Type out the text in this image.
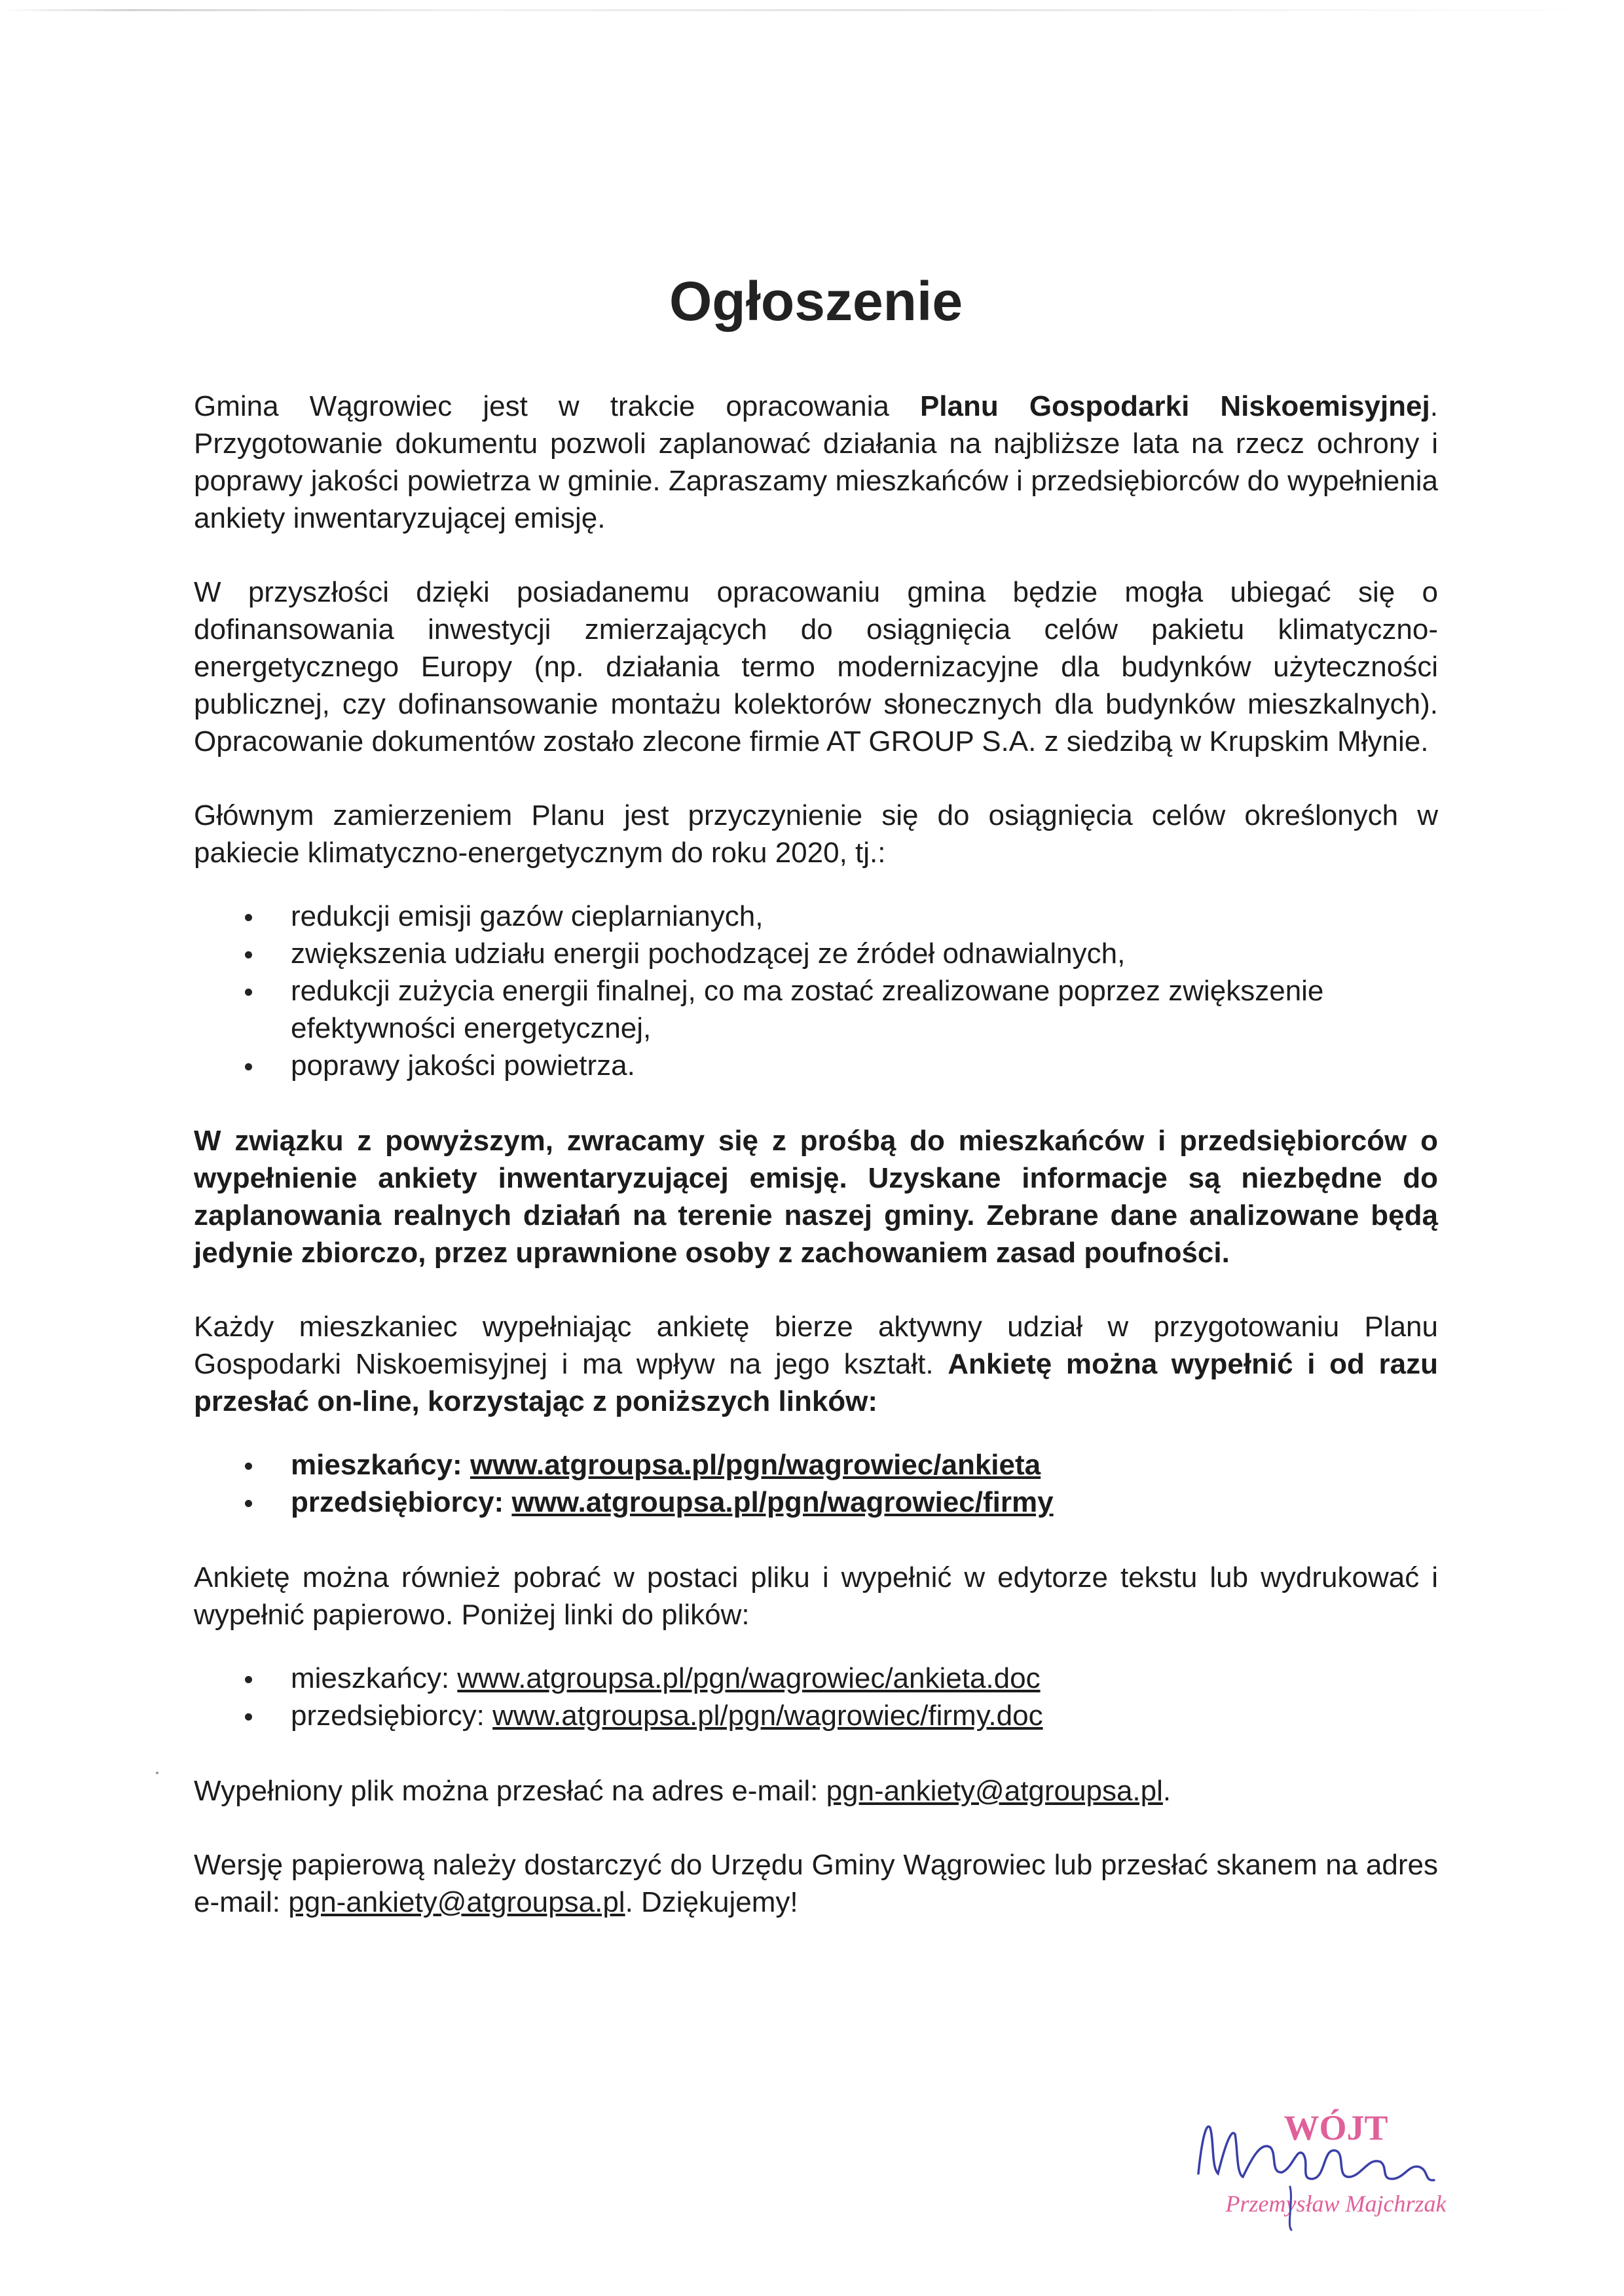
Ogłoszenie

Gmina Wągrowiec jest w trakcie opracowania Planu Gospodarki Niskoemisyjnej. Przygotowanie dokumentu pozwoli zaplanować działania na najbliższe lata na rzecz ochrony i poprawy jakości powietrza w gminie. Zapraszamy mieszkańców i przedsiębiorców do wypełnienia ankiety inwentaryzującej emisję.

W przyszłości dzięki posiadanemu opracowaniu gmina będzie mogła ubiegać się o dofinansowania inwestycji zmierzających do osiągnięcia celów pakietu klimatyczno-energetycznego Europy (np. działania termo modernizacyjne dla budynków użyteczności publicznej, czy dofinansowanie montażu kolektorów słonecznych dla budynków mieszkalnych). Opracowanie dokumentów zostało zlecone firmie AT GROUP S.A. z siedzibą w Krupskim Młynie.

Głównym zamierzeniem Planu jest przyczynienie się do osiągnięcia celów określonych w pakiecie klimatyczno-energetycznym do roku 2020, tj.:

redukcji emisji gazów cieplarnianych,
zwiększenia udziału energii pochodzącej ze źródeł odnawialnych,
redukcji zużycia energii finalnej, co ma zostać zrealizowane poprzez zwiększenie efektywności energetycznej,
poprawy jakości powietrza.

W związku z powyższym, zwracamy się z prośbą do mieszkańców i przedsiębiorców o wypełnienie ankiety inwentaryzującej emisję. Uzyskane informacje są niezbędne do zaplanowania realnych działań na terenie naszej gminy. Zebrane dane analizowane będą jedynie zbiorczo, przez uprawnione osoby z zachowaniem zasad poufności.

Każdy mieszkaniec wypełniając ankietę bierze aktywny udział w przygotowaniu Planu Gospodarki Niskoemisyjnej i ma wpływ na jego kształt. Ankietę można wypełnić i od razu przesłać on-line, korzystając z poniższych linków:

mieszkańcy: www.atgroupsa.pl/pgn/wagrowiec/ankieta
przedsiębiorcy: www.atgroupsa.pl/pgn/wagrowiec/firmy

Ankietę można również pobrać w postaci pliku i wypełnić w edytorze tekstu lub wydrukować i wypełnić papierowo. Poniżej linki do plików:

mieszkańcy: www.atgroupsa.pl/pgn/wagrowiec/ankieta.doc
przedsiębiorcy: www.atgroupsa.pl/pgn/wagrowiec/firmy.doc

Wypełniony plik można przesłać na adres e-mail: pgn-ankiety@atgroupsa.pl.

Wersję papierową należy dostarczyć do Urzędu Gminy Wągrowiec lub przesłać skanem na adres e-mail: pgn-ankiety@atgroupsa.pl. Dziękujemy!

WÓJT
Przemysław Majchrzak
